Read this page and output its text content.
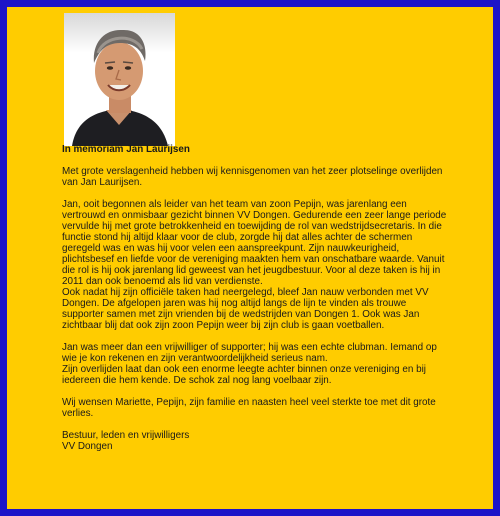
In memoriam Jan Laurijsen

Met grote verslagenheid hebben wij kennisgenomen van het zeer plotselinge overlijden
van Jan Laurijsen.

Jan, ooit begonnen als leider van het team van zoon Pepijn, was jarenlang een
vertrouwd en onmisbaar gezicht binnen VV Dongen. Gedurende een zeer lange periode
vervulde hij met grote betrokkenheid en toewijding de rol van wedstrijdsecretaris. In die
functie stond hij altijd klaar voor de club, zorgde hij dat alles achter de schermen
geregeld was en was hij voor velen een aanspreekpunt. Zijn nauwkeurigheid,
plichtsbesef en liefde voor de vereniging maakten hem van onschatbare waarde. Vanuit
die rol is hij ook jarenlang lid geweest van het jeugdbestuur. Voor al deze taken is hij in
2011 dan ook benoemd als lid van verdienste.
Ook nadat hij zijn officiële taken had neergelegd, bleef Jan nauw verbonden met VV
Dongen. De afgelopen jaren was hij nog altijd langs de lijn te vinden als trouwe
supporter samen met zijn vrienden bij de wedstrijden van Dongen 1. Ook was Jan
zichtbaar blij dat ook zijn zoon Pepijn weer bij zijn club is gaan voetballen.

Jan was meer dan een vrijwilliger of supporter; hij was een echte clubman. Iemand op
wie je kon rekenen en zijn verantwoordelijkheid serieus nam.
Zijn overlijden laat dan ook een enorme leegte achter binnen onze vereniging en bij
iedereen die hem kende. De schok zal nog lang voelbaar zijn.

Wij wensen Mariette, Pepijn, zijn familie en naasten heel veel sterkte toe met dit grote
verlies.

Bestuur, leden en vrijwilligers

VV Dongen
